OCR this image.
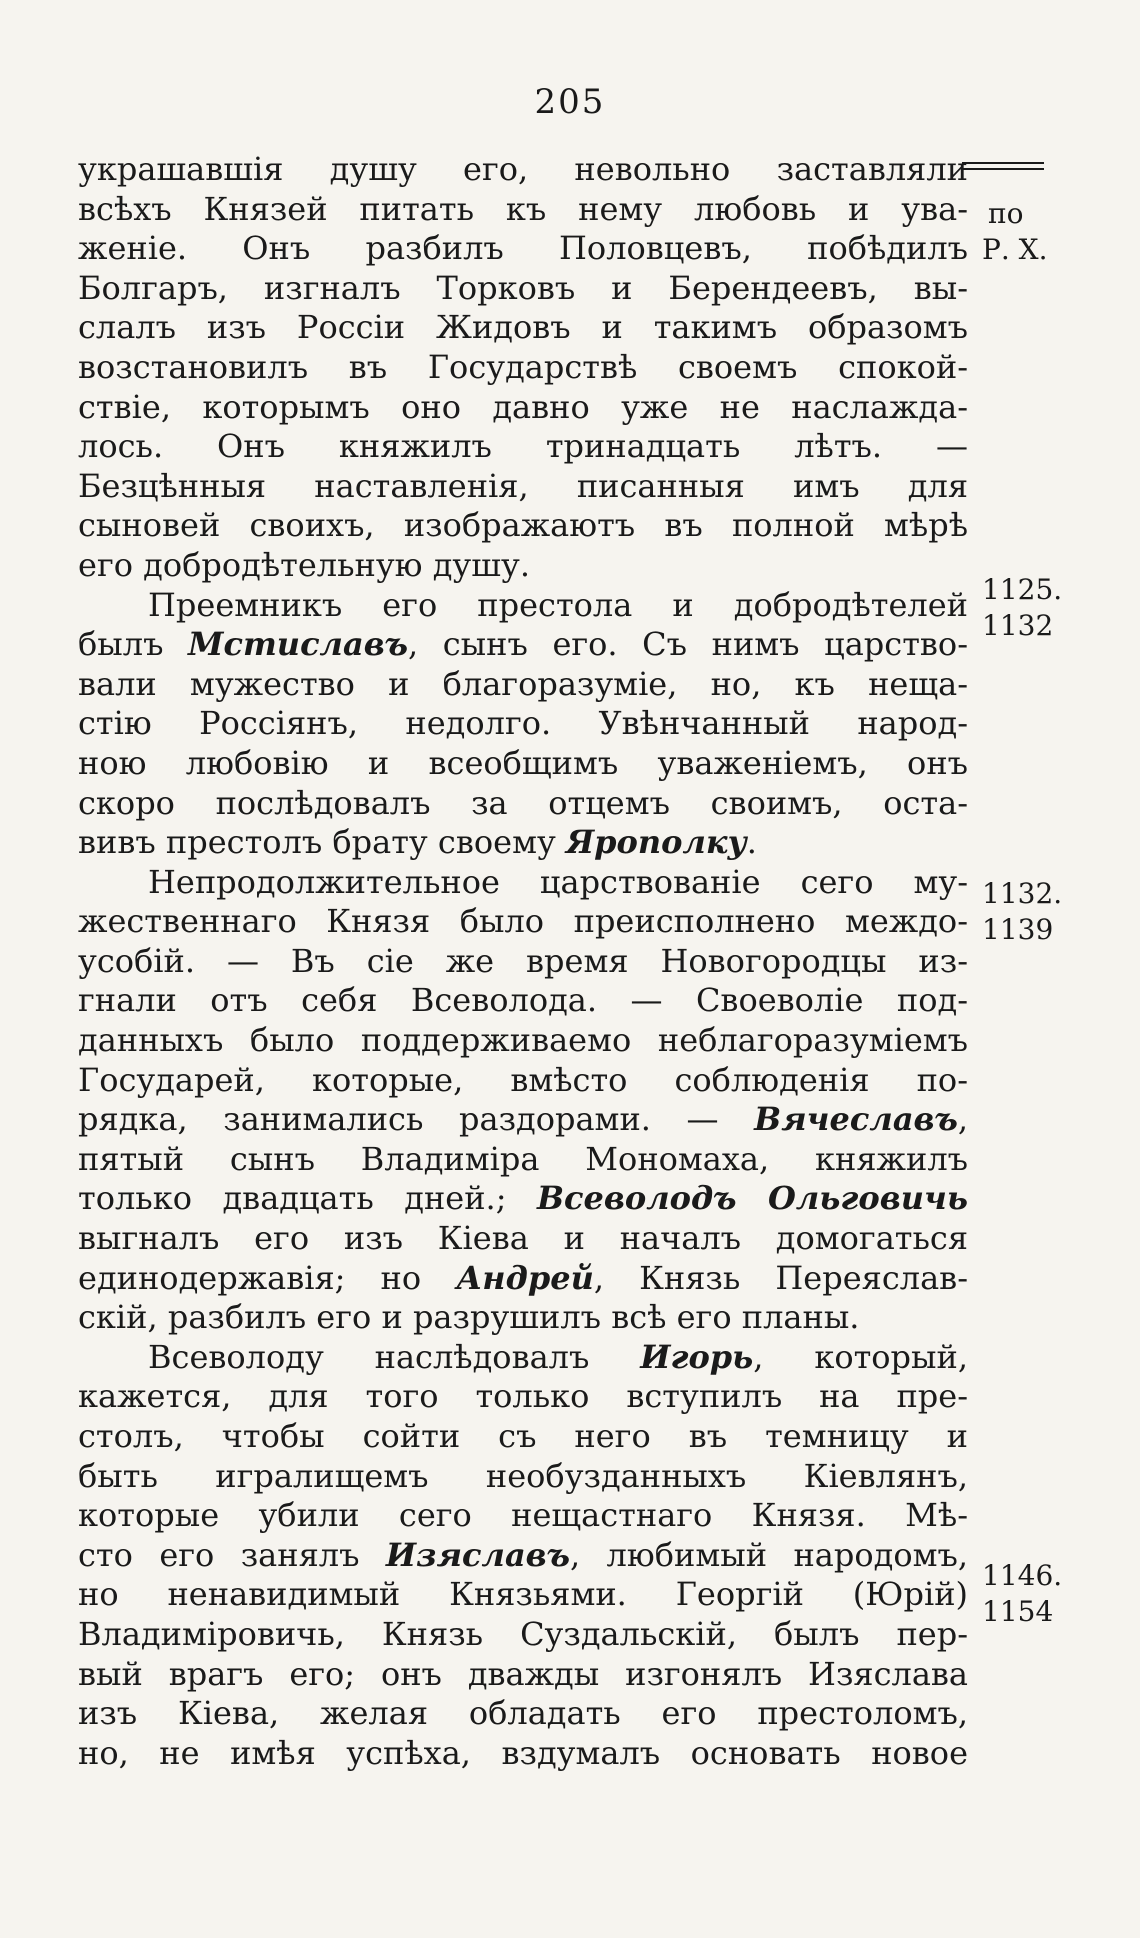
205
по
Р. Х.
1125.
1132
1132.
1139
1146.
1154
украшавшія душу его, невольно заставляли
всѣхъ Князей питать къ нему любовь и ува-
женіе. Онъ разбилъ Половцевъ, побѣдилъ
Болгаръ, изгналъ Торковъ и Берендеевъ, вы-
слалъ изъ Россіи Жидовъ и такимъ образомъ
возстановилъ въ Государствѣ своемъ спокой-
ствіе, которымъ оно давно уже не наслажда-
лось. Онъ княжилъ тринадцать лѣтъ. —
Безцѣнныя наставленія, писанныя имъ для
сыновей своихъ, изображаютъ въ полной мѣрѣ
его добродѣтельную душу.
Преемникъ его престола и добродѣтелей
былъ Мстиславъ, сынъ его. Съ нимъ царство-
вали мужество и благоразуміе, но, къ неща-
стію Россіянъ, недолго. Увѣнчанный народ-
ною любовію и всеобщимъ уваженіемъ, онъ
скоро послѣдовалъ за отцемъ своимъ, оста-
вивъ престолъ брату своему Ярополку.
Непродолжительное царствованіе сего му-
жественнаго Князя было преисполнено междо-
усобій. — Въ сіе же время Новогородцы из-
гнали отъ себя Всеволода. — Своеволіе под-
данныхъ было поддерживаемо неблагоразуміемъ
Государей, которые, вмѣсто соблюденія по-
рядка, занимались раздорами. — Вячеславъ,
пятый сынъ Владиміра Мономаха, княжилъ
только двадцать дней.; Всеволодъ Ольговичь
выгналъ его изъ Кіева и началъ домогаться
единодержавія; но Андрей, Князь Переяслав-
скій, разбилъ его и разрушилъ всѣ его планы.
Всеволоду наслѣдовалъ Игорь, который,
кажется, для того только вступилъ на пре-
столъ, чтобы сойти съ него въ темницу и
быть игралищемъ необузданныхъ Кіевлянъ,
которые убили сего нещастнаго Князя. Мѣ-
сто его занялъ Изяславъ, любимый народомъ,
но ненавидимый Князьями. Георгій (Юрій)
Владиміровичь, Князь Суздальскій, былъ пер-
вый врагъ его; онъ дважды изгонялъ Изяслава
изъ Кіева, желая обладать его престоломъ,
но, не имѣя успѣха, вздумалъ основать новое
